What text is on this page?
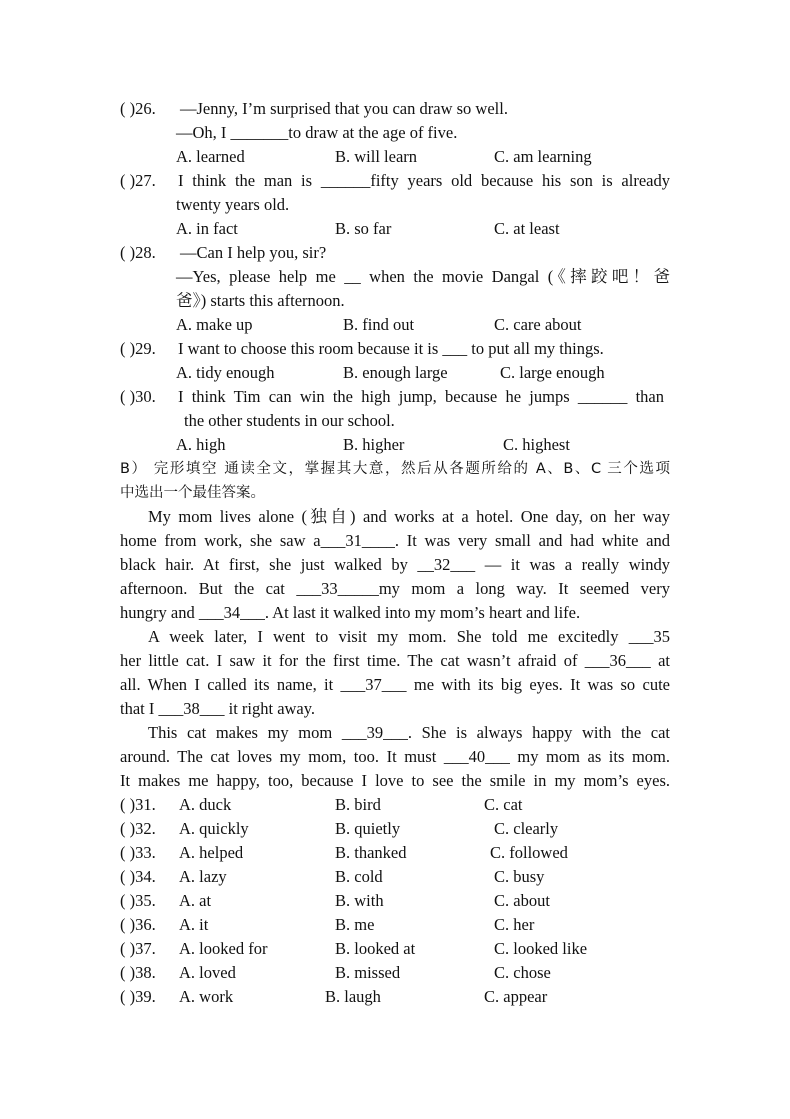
( )26. —Jenny, I’m surprised that you can draw so well.
—Oh, I _______to draw at the age of five.
A. learned	B. will learn	C. am learning
( )27. I think the man is ______fifty years old because his son is already
twenty years old.
A. in fact	B. so far	C. at least
( )28. —Can I help you, sir?
—Yes, please help me __ when the movie Dangal (《摔跤吧！爸
爸》) starts this afternoon.
A. make up	B. find out	C. care about
( )29. I want to choose this room because it is ___ to put all my things.
A. tidy enough	B. enough large	C. large enough
( )30. I think Tim can win the high jump, because he jumps ______ than
the other students in our school.
A. high	B. higher	C. highest
B） 完形填空 通读全文，掌握其大意，然后从各题所给的 A、B、C 三个选项
中选出一个最佳答案。
My mom lives alone (独自) and works at a hotel. One day, on her way
home from work, she saw a___31____. It was very small and had white and
black hair. At first, she just walked by __32___ — it was a really windy
afternoon. But the cat ___33_____my mom a long way. It seemed very
hungry and ___34___. At last it walked into my mom’s heart and life.
A week later, I went to visit my mom. She told me excitedly ___35
her little cat. I saw it for the first time. The cat wasn’t afraid of ___36___ at
all. When I called its name, it ___37___ me with its big eyes. It was so cute
that I ___38___ it right away.
This cat makes my mom ___39___. She is always happy with the cat
around. The cat loves my mom, too. It must ___40___ my mom as its mom.
It makes me happy, too, because I love to see the smile in my mom’s eyes.
( )31. A. duck	B. bird	C. cat
( )32. A. quickly	B. quietly	C. clearly
( )33. A. helped	B. thanked	C. followed
( )34. A. lazy	B. cold	C. busy
( )35. A. at	B. with	C. about
( )36. A. it	B. me	C. her
( )37. A. looked for	B. looked at	C. looked like
( )38. A. loved	B. missed	C. chose
( )39. A. work	B. laugh	C. appear
